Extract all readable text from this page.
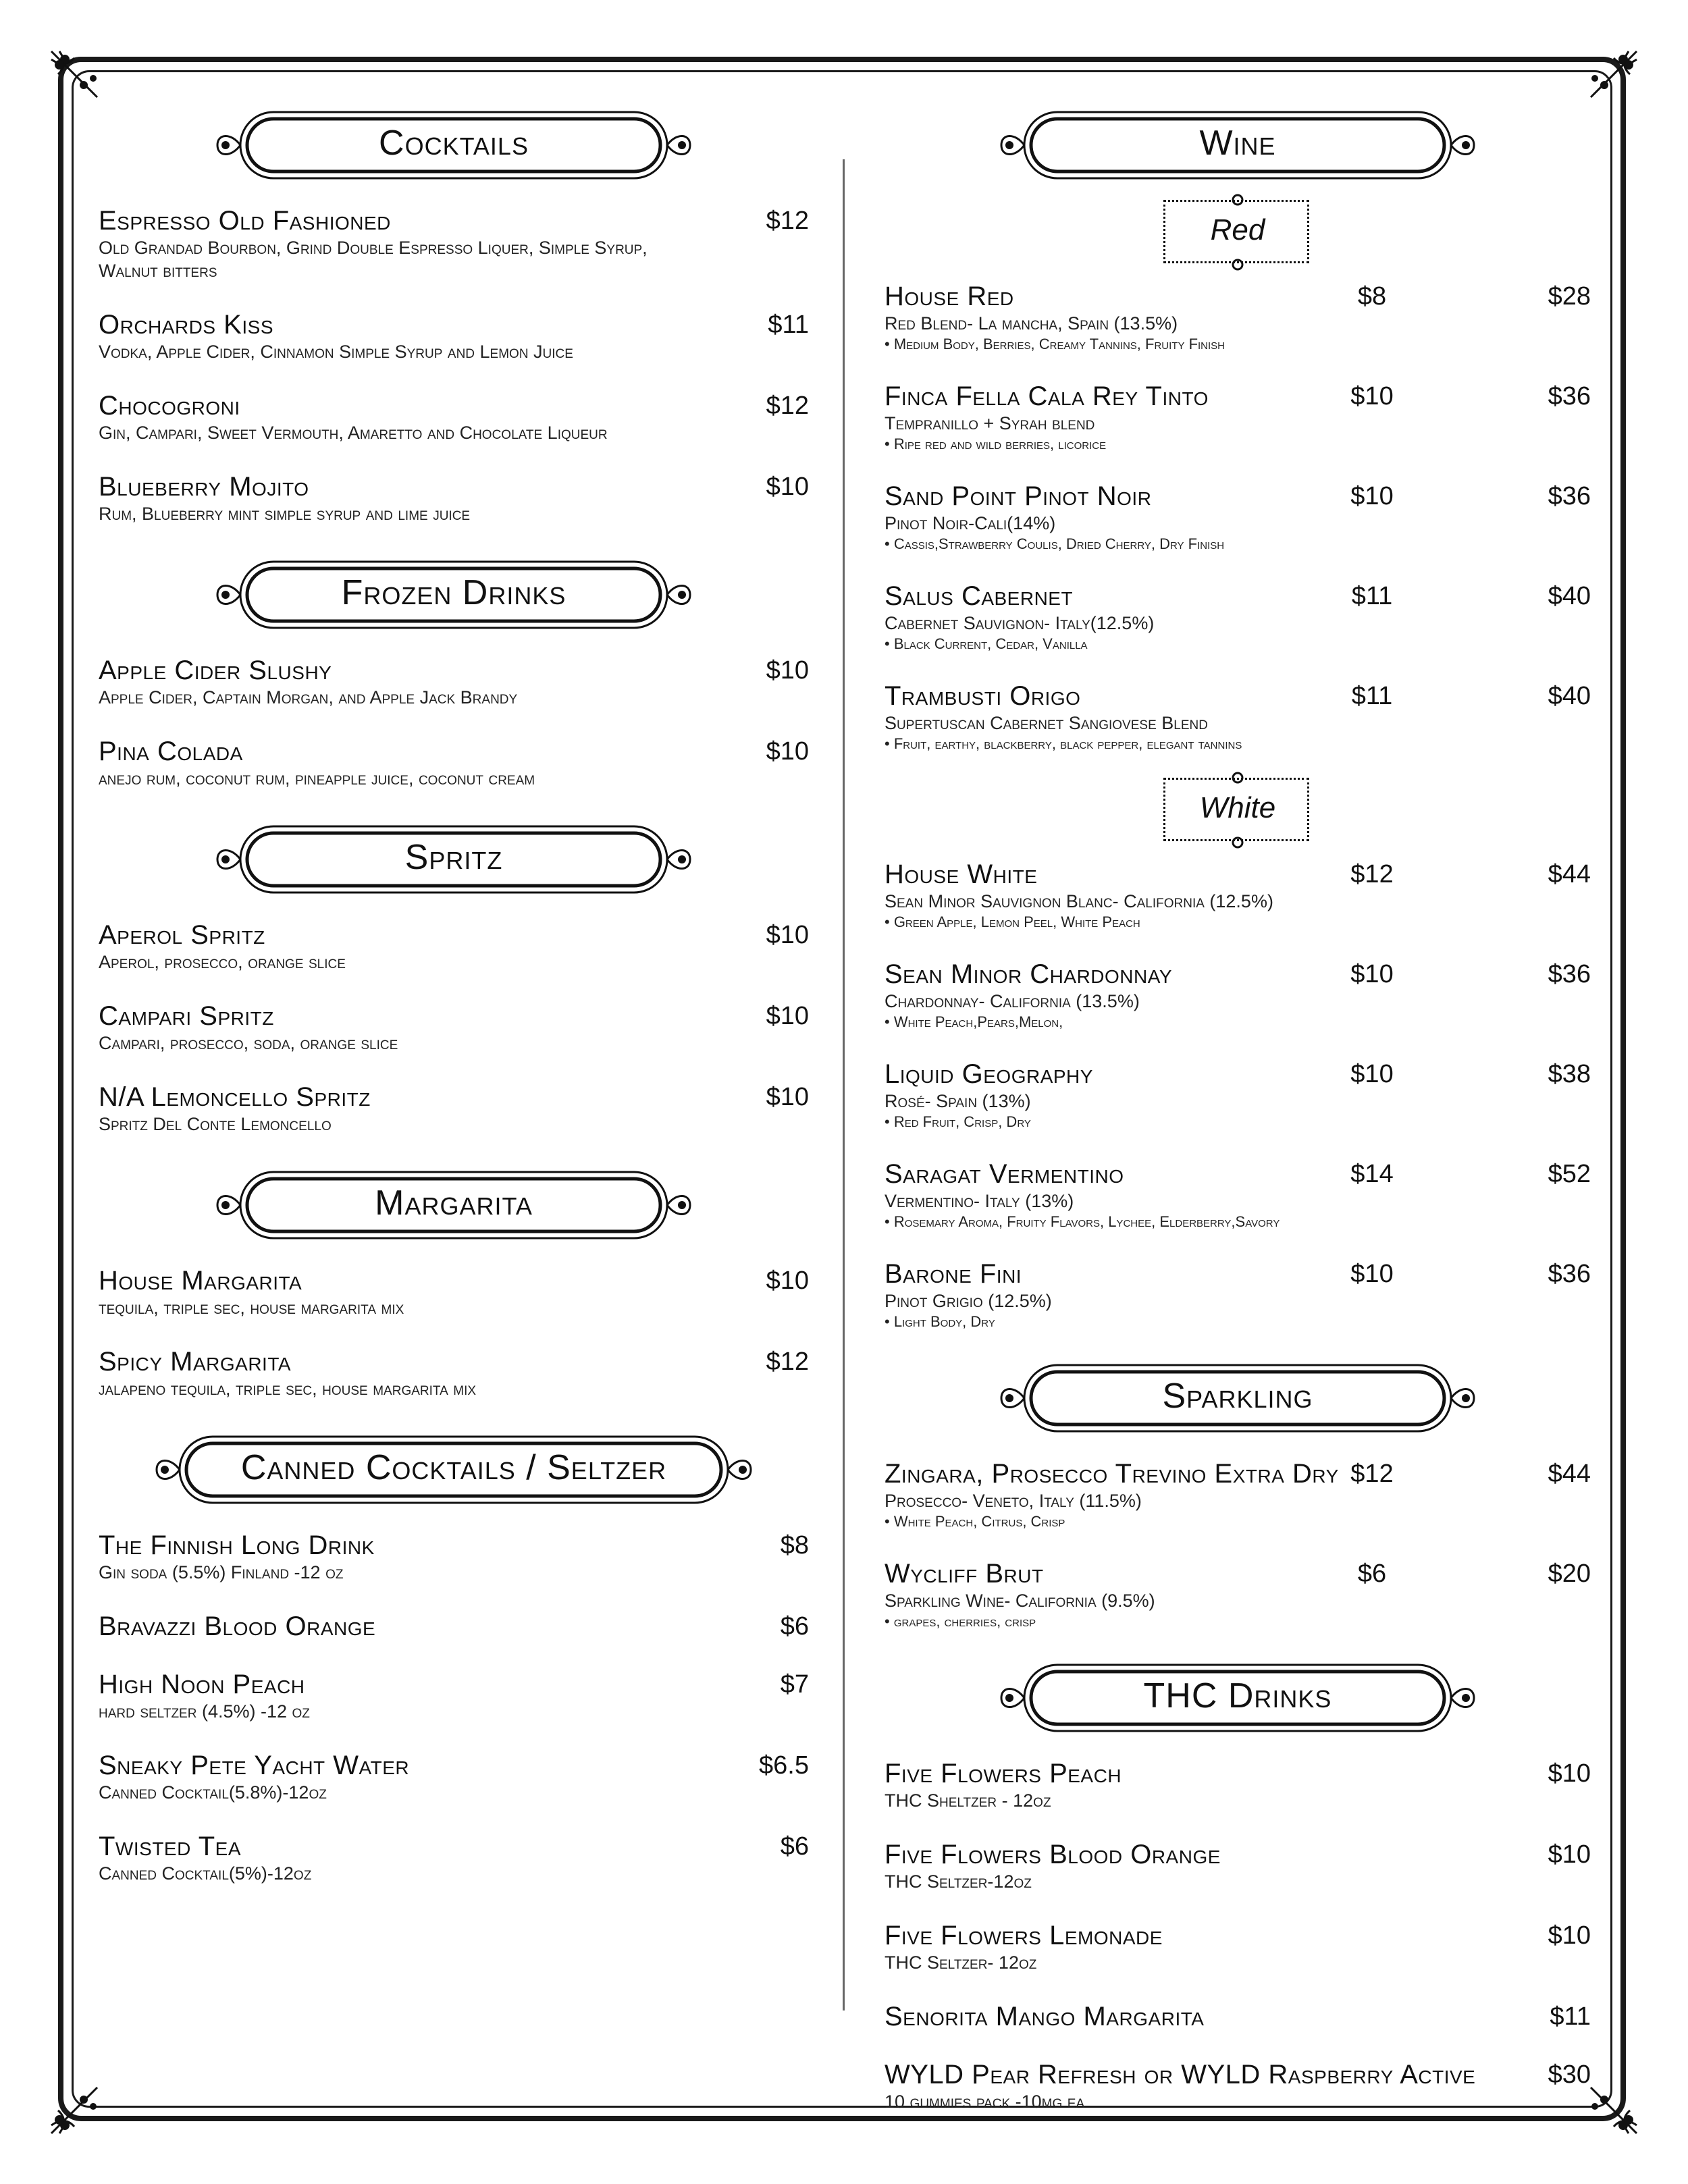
Cocktails
Espresso Old Fashioned
Old Grandad Bourbon, Grind Double Espresso Liquer, Simple Syrup, Walnut bitters
$12
Orchards Kiss
Vodka, Apple Cider, Cinnamon Simple Syrup and Lemon Juice
$11
Chocogroni
Gin, Campari, Sweet Vermouth, Amaretto and Chocolate Liqueur
$12
Blueberry Mojito
Rum, Blueberry mint simple syrup and lime juice
$10
Frozen Drinks
Apple Cider Slushy
Apple Cider, Captain Morgan, and Apple Jack Brandy
$10
Pina Colada
anejo rum, coconut rum, pineapple juice, coconut cream
$10
Spritz
Aperol Spritz
Aperol, prosecco, orange slice
$10
Campari Spritz
Campari, prosecco, soda, orange slice
$10
N/A Lemoncello Spritz
Spritz Del Conte Lemoncello
$10
Margarita
House Margarita
tequila, triple sec, house margarita mix
$10
Spicy Margarita
jalapeno tequila, triple sec, house margarita mix
$12
Canned Cocktails / Seltzer
The Finnish Long Drink
Gin soda (5.5%) Finland -12 oz
$8
Bravazzi Blood Orange	$6
High Noon Peach
hard seltzer (4.5%) -12 oz
$7
Sneaky Pete Yacht Water
Canned Cocktail(5.8%)-12oz
$6.5
Twisted Tea
Canned Cocktail(5%)-12oz
$6
Wine
Red
House Red
Red Blend- La mancha, Spain (13.5%)
• Medium Body, Berries, Creamy Tannins, Fruity Finish
$8	$28
Finca Fella Cala Rey Tinto
Tempranillo + Syrah blend
• Ripe red and wild berries, licorice
$10	$36
Sand Point Pinot Noir
Pinot Noir-Cali(14%)
• Cassis,Strawberry Coulis, Dried Cherry, Dry Finish
$10	$36
Salus Cabernet
Cabernet Sauvignon- Italy(12.5%)
• Black Current, Cedar, Vanilla
$11	$40
Trambusti Origo
Supertuscan Cabernet Sangiovese Blend
• Fruit, earthy, blackberry, black pepper, elegant tannins
$11	$40
White
House White
Sean Minor Sauvignon Blanc- California (12.5%)
• Green Apple, Lemon Peel, White Peach
$12	$44
Sean Minor Chardonnay
Chardonnay- California (13.5%)
• White Peach,Pears,Melon,
$10	$36
Liquid Geography
Rosé- Spain (13%)
• Red Fruit, Crisp, Dry
$10	$38
Saragat Vermentino
Vermentino- Italy (13%)
• Rosemary Aroma, Fruity Flavors, Lychee, Elderberry,Savory
$14	$52
Barone Fini
Pinot Grigio (12.5%)
• Light Body, Dry
$10	$36
Sparkling
Zingara, Prosecco Trevino Extra Dry
Prosecco- Veneto, Italy (11.5%)
• White Peach, Citrus, Crisp
$12	$44
Wycliff Brut
Sparkling Wine- California (9.5%)
• grapes, cherries, crisp
$6	$20
THC Drinks
Five Flowers Peach
THC Sheltzer - 12oz
$10
Five Flowers Blood Orange
THC Seltzer-12oz
$10
Five Flowers Lemonade
THC Seltzer- 12oz
$10
Senorita Mango Margarita	$11
WYLD Pear Refresh or WYLD Raspberry Active
10 gummies pack -10mg ea
$30
